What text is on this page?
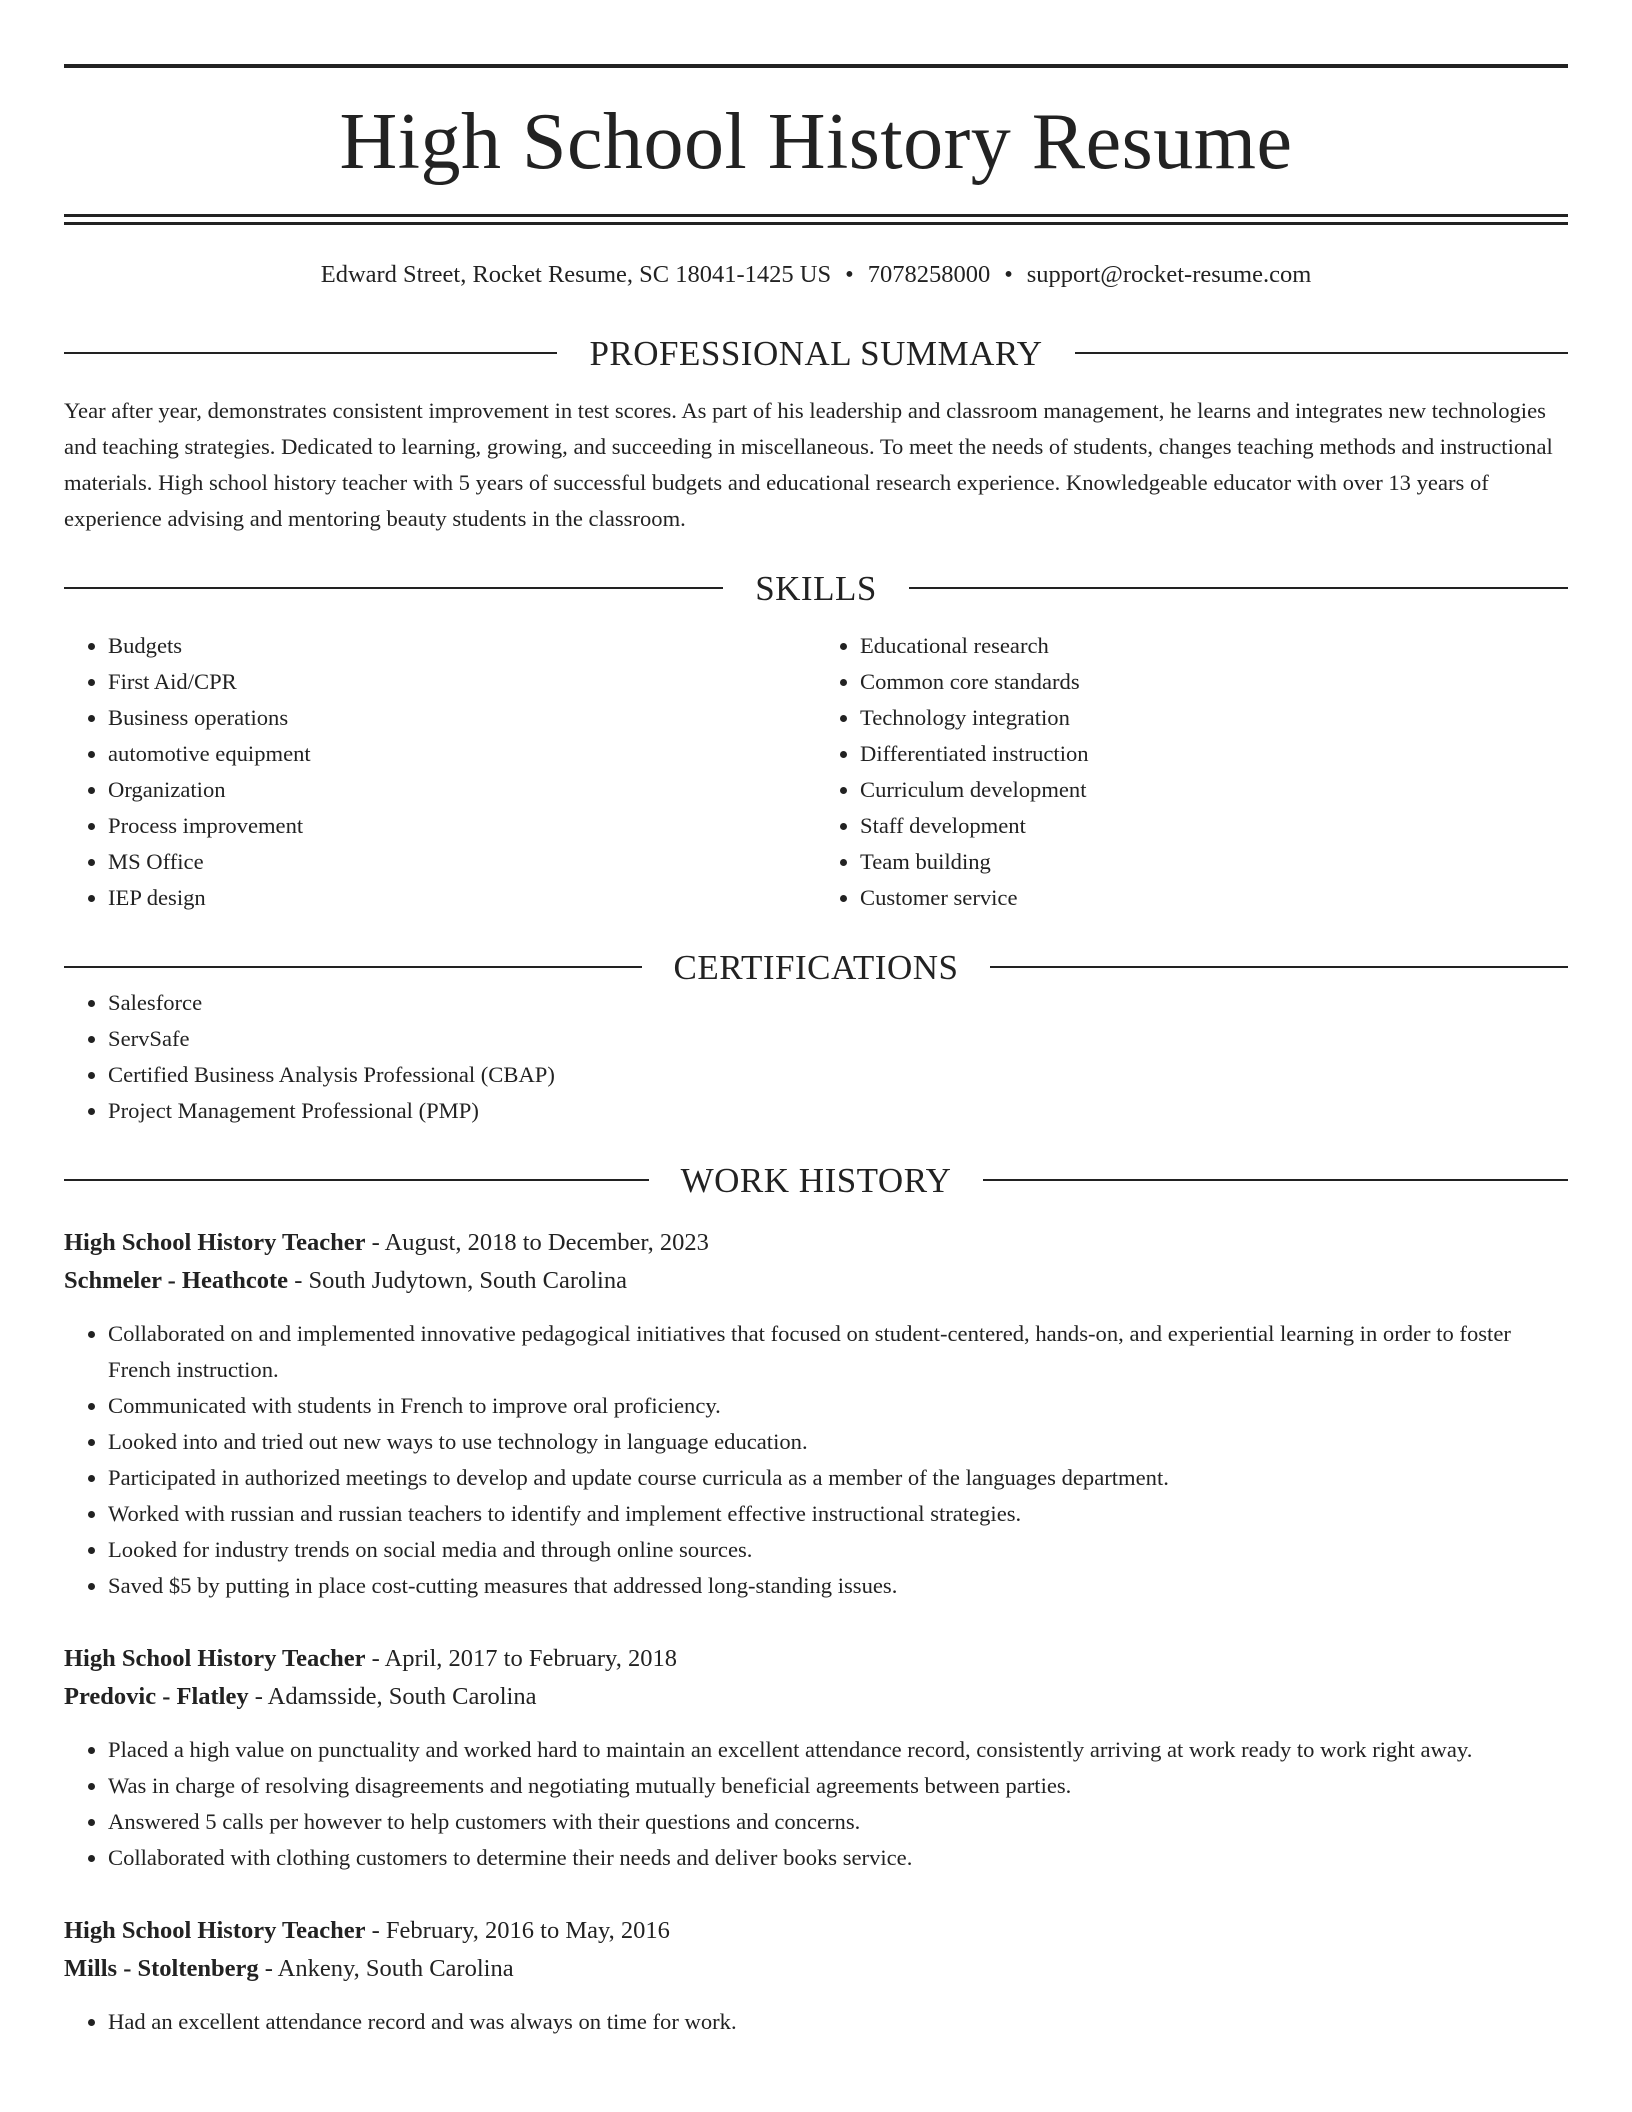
High School History Resume
Edward Street, Rocket Resume, SC 18041-1425 US • 7078258000 • support@rocket-resume.com
PROFESSIONAL SUMMARY

Year after year, demonstrates consistent improvement in test scores. As part of his leadership and classroom management, he learns and integrates new technologies and teaching strategies. Dedicated to learning, growing, and succeeding in miscellaneous. To meet the needs of students, changes teaching methods and instructional materials. High school history teacher with 5 years of successful budgets and educational research experience. Knowledgeable educator with over 13 years of experience advising and mentoring beauty students in the classroom.

SKILLS
• Budgets
• First Aid/CPR
• Business operations
• automotive equipment
• Organization
• Process improvement
• MS Office
• IEP design
• Educational research
• Common core standards
• Technology integration
• Differentiated instruction
• Curriculum development
• Staff development
• Team building
• Customer service
CERTIFICATIONS
• Salesforce
• ServSafe
• Certified Business Analysis Professional (CBAP)
• Project Management Professional (PMP)
WORK HISTORY
High School History Teacher - August, 2018 to December, 2023
Schmeler - Heathcote - South Judytown, South Carolina
• Collaborated on and implemented innovative pedagogical initiatives that focused on student-centered, hands-on, and experiential learning in order to foster French instruction.
• Communicated with students in French to improve oral proficiency.
• Looked into and tried out new ways to use technology in language education.
• Participated in authorized meetings to develop and update course curricula as a member of the languages department.
• Worked with russian and russian teachers to identify and implement effective instructional strategies.
• Looked for industry trends on social media and through online sources.
• Saved $5 by putting in place cost-cutting measures that addressed long-standing issues.
High School History Teacher - April, 2017 to February, 2018
Predovic - Flatley - Adamsside, South Carolina
• Placed a high value on punctuality and worked hard to maintain an excellent attendance record, consistently arriving at work ready to work right away.
• Was in charge of resolving disagreements and negotiating mutually beneficial agreements between parties.
• Answered 5 calls per however to help customers with their questions and concerns.
• Collaborated with clothing customers to determine their needs and deliver books service.
High School History Teacher - February, 2016 to May, 2016
Mills - Stoltenberg - Ankeny, South Carolina
• Had an excellent attendance record and was always on time for work.
